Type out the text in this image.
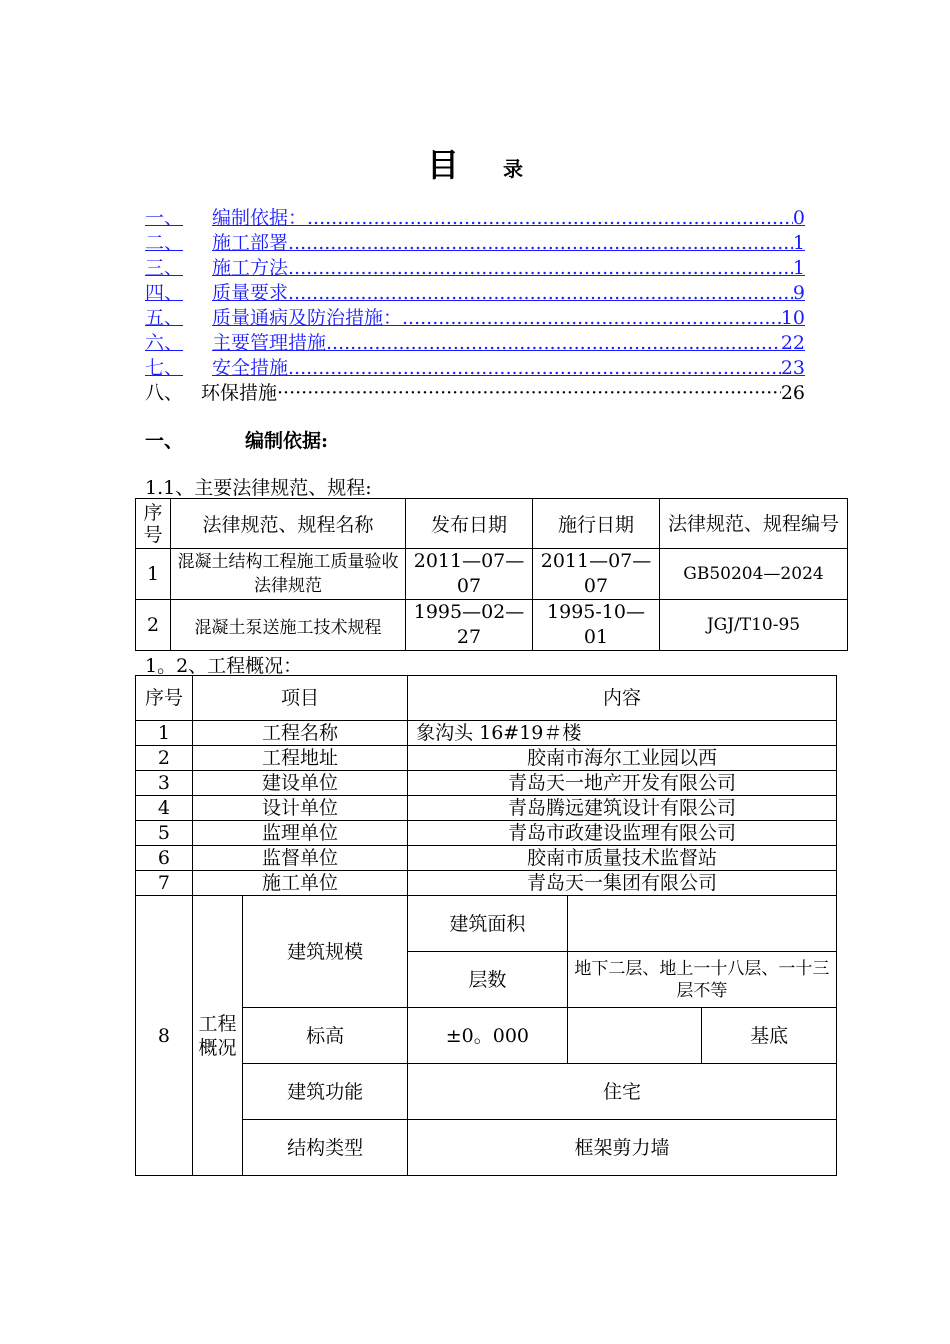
目 录
一、	编制依据： .....	0
二、	施工部署 .....	1
三、	施工方法 .....	1
四、	质量要求 .....	9
五、	质量通病及防治措施： .....	10
六、	主要管理措施 .....	22
七、	安全措施 .....	23
八、 环保措施 ·····	26
一、	编制依据:
1.1、主要法律规范、规程:
序号	法律规范、规程名称	发布日期	施行日期	法律规范、规程编号
1	混凝土结构工程施工质量验收法律规范	2011—07—07	2011—07—07	GB50204—2024
2	混凝土泵送施工技术规程	1995—02—27	1995-10—01	JGJ/T10-95
1。2、工程概况：
序号	项目		内容		
1	工程名称		象沟头 16#19＃楼		
2	工程地址		胶南市海尔工业园以西		
3	建设单位		青岛天一地产开发有限公司		
4	设计单位		青岛腾远建筑设计有限公司		
5	监理单位		青岛市政建设监理有限公司		
6	监督单位		胶南市质量技术监督站		
7	施工单位		青岛天一集团有限公司		
8	工程概况	建筑规模	建筑面积		
			层数	地下二层、地上一十八层、一十三层不等	
		标高	±0。000		基底
		建筑功能	住宅		
		结构类型	框架剪力墙		
